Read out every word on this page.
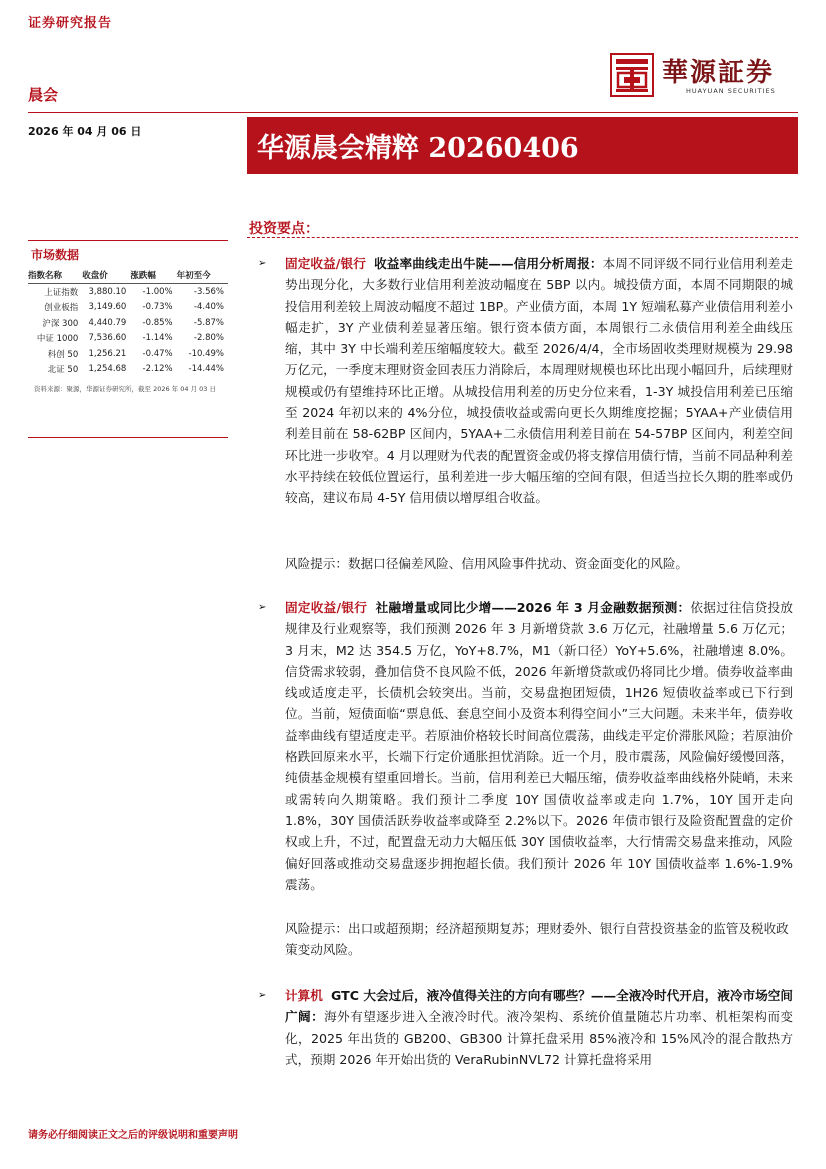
证券研究报告
晨会
華源証券
HUAYUAN SECURITIES
2026 年 04 月 06 日
华源晨会精粹 20260406
市场数据
指数名称	收盘价	涨跌幅	年初至今
上证指数	3,880.10	-1.00%	-3.56%
创业板指	3,149.60	-0.73%	-4.40%
沪深 300	4,440.79	-0.85%	-5.87%
中证 1000	7,536.60	-1.14%	-2.80%
科创 50	1,256.21	-0.47%	-10.49%
北证 50	1,254.68	-2.12%	-14.44%
资料来源：聚源，华源证券研究所，截至 2026 年 04 月 03 日
投资要点：
➢ 固定收益/银行 收益率曲线走出牛陡——信用分析周报：本周不同评级不同行业信用利差走势出现分化，大多数行业信用利差波动幅度在 5BP 以内。城投债方面，本周不同期限的城投信用利差较上周波动幅度不超过 1BP。产业债方面，本周 1Y 短端私募产业债信用利差小幅走扩，3Y 产业债利差显著压缩。银行资本债方面，本周银行二永债信用利差全曲线压缩，其中 3Y 中长端利差压缩幅度较大。截至 2026/4/4，全市场固收类理财规模为 29.98 万亿元，一季度末理财资金回表压力消除后，本周理财规模也环比出现小幅回升，后续理财规模或仍有望维持环比正增。从城投信用利差的历史分位来看，1-3Y 城投信用利差已压缩至 2024 年初以来的 4%分位，城投债收益或需向更长久期维度挖掘；5YAA+产业债信用利差目前在 58-62BP 区间内，5YAA+二永债信用利差目前在 54-57BP 区间内，利差空间环比进一步收窄。4 月以理财为代表的配置资金或仍将支撑信用债行情，当前不同品种利差水平持续在较低位置运行，虽利差进一步大幅压缩的空间有限，但适当拉长久期的胜率或仍较高，建议布局 4-5Y 信用债以增厚组合收益。
风险提示：数据口径偏差风险、信用风险事件扰动、资金面变化的风险。
➢ 固定收益/银行 社融增量或同比少增——2026 年 3 月金融数据预测：依据过往信贷投放规律及行业观察等，我们预测 2026 年 3 月新增贷款 3.6 万亿元，社融增量 5.6 万亿元；3 月末，M2 达 354.5 万亿，YoY+8.7%，M1（新口径）YoY+5.6%，社融增速 8.0%。信贷需求较弱，叠加信贷不良风险不低，2026 年新增贷款或仍将同比少增。债券收益率曲线或适度走平，长债机会较突出。当前，交易盘抱团短债，1H26 短债收益率或已下行到位。当前，短债面临“票息低、套息空间小及资本利得空间小”三大问题。未来半年，债券收益率曲线有望适度走平。若原油价格较长时间高位震荡，曲线走平定价滞胀风险；若原油价格跌回原来水平，长端下行定价通胀担忧消除。近一个月，股市震荡，风险偏好缓慢回落，纯债基金规模有望重回增长。当前，信用利差已大幅压缩，债券收益率曲线格外陡峭，未来或需转向久期策略。我们预计二季度 10Y 国债收益率或走向 1.7%，10Y 国开走向 1.8%，30Y 国债活跃券收益率或降至 2.2%以下。2026 年债市银行及险资配置盘的定价权或上升，不过，配置盘无动力大幅压低 30Y 国债收益率，大行情需交易盘来推动，风险偏好回落或推动交易盘逐步拥抱超长债。我们预计 2026 年 10Y 国债收益率 1.6%-1.9%震荡。
风险提示：出口或超预期；经济超预期复苏；理财委外、银行自营投资基金的监管及税收政策变动风险。
➢ 计算机 GTC 大会过后，液冷值得关注的方向有哪些？——全液冷时代开启，液冷市场空间广阔：海外有望逐步进入全液冷时代。液冷架构、系统价值量随芯片功率、机柜架构而变化，2025 年出货的 GB200、GB300 计算托盘采用 85%液冷和 15%风冷的混合散热方式，预期 2026 年开始出货的 VeraRubinNVL72 计算托盘将采用
请务必仔细阅读正文之后的评级说明和重要声明
